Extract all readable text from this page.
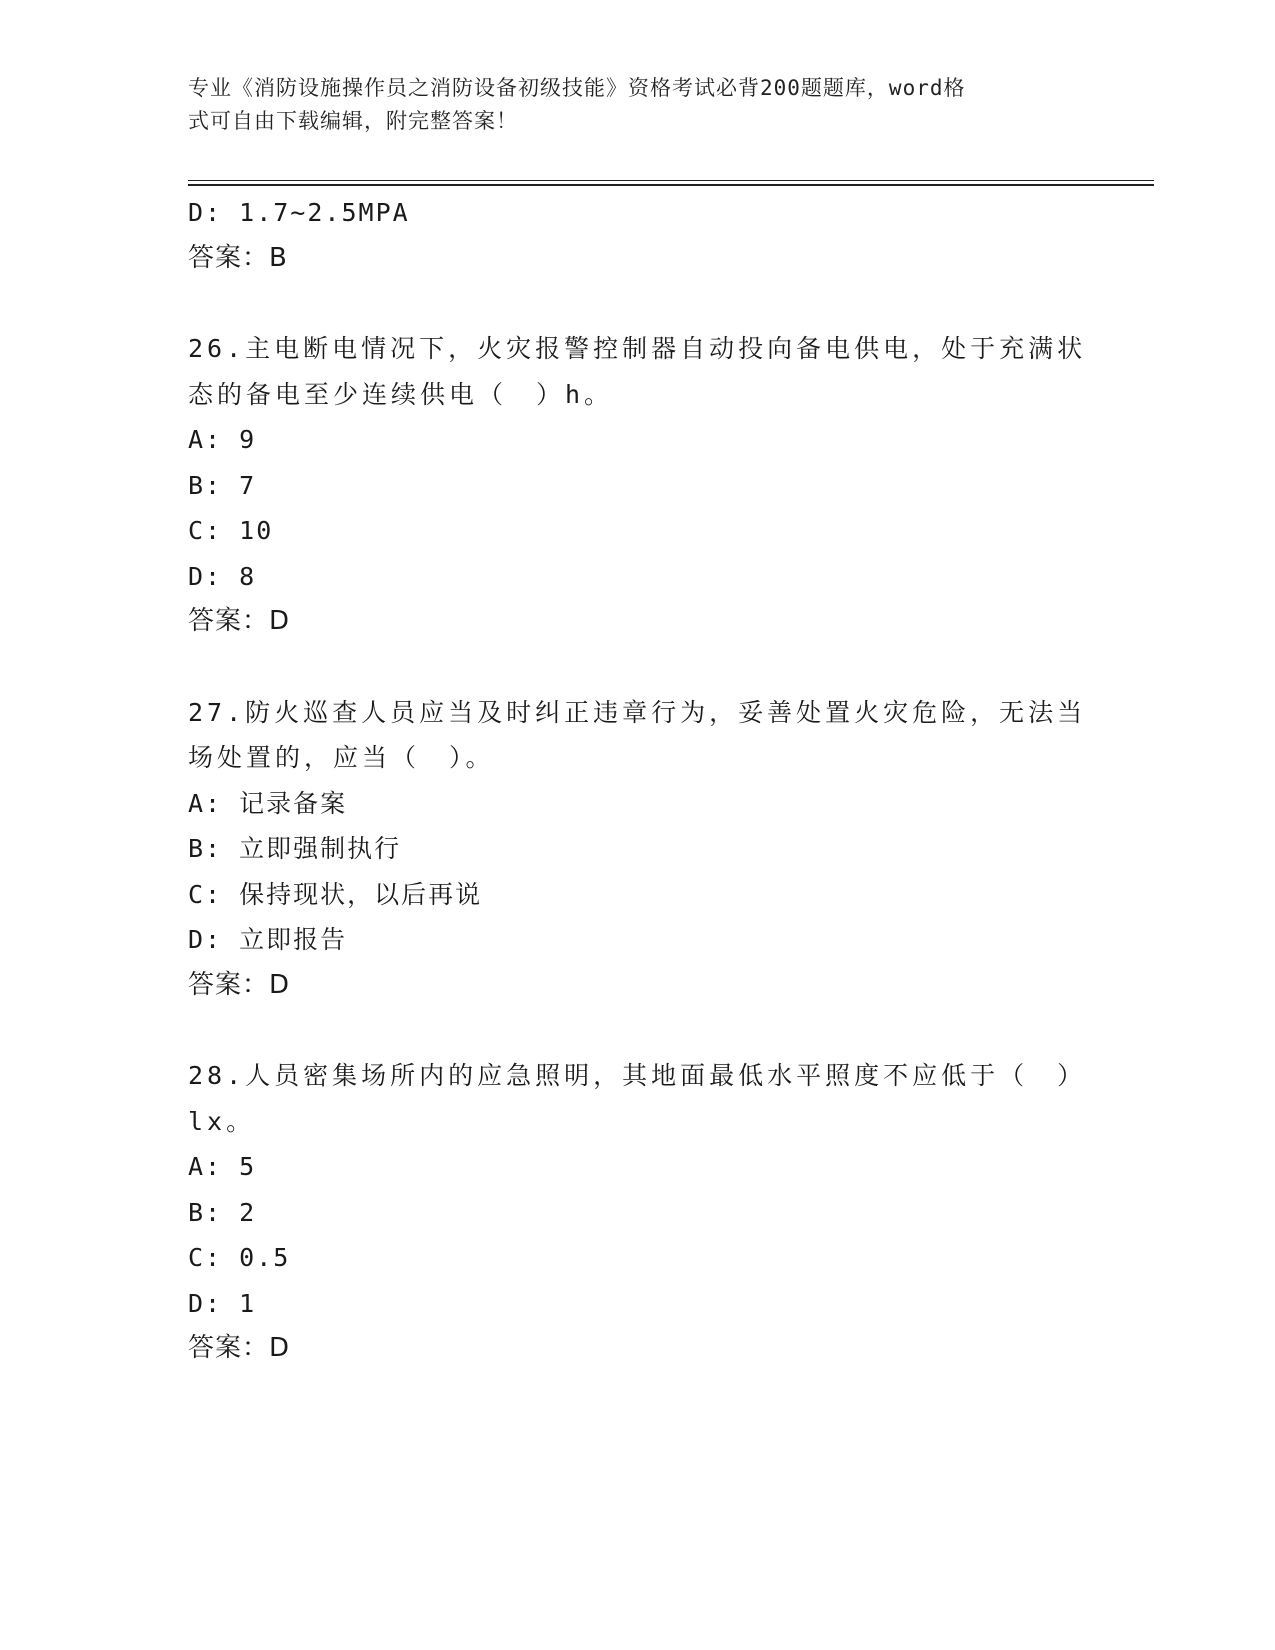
专业《消防设施操作员之消防设备初级技能》资格考试必背200题题库，word格
式可自由下载编辑，附完整答案！
D: 1.7~2.5MPA
答案：B
26.主电断电情况下，火灾报警控制器自动投向备电供电，处于充满状
态的备电至少连续供电（　）h。
A: 9
B: 7
C: 10
D: 8
答案：D
27.防火巡查人员应当及时纠正违章行为，妥善处置火灾危险，无法当
场处置的，应当（　）。
A: 记录备案
B: 立即强制执行
C: 保持现状，以后再说
D: 立即报告
答案：D
28.人员密集场所内的应急照明，其地面最低水平照度不应低于（　）
lx。
A: 5
B: 2
C: 0.5
D: 1
答案：D
